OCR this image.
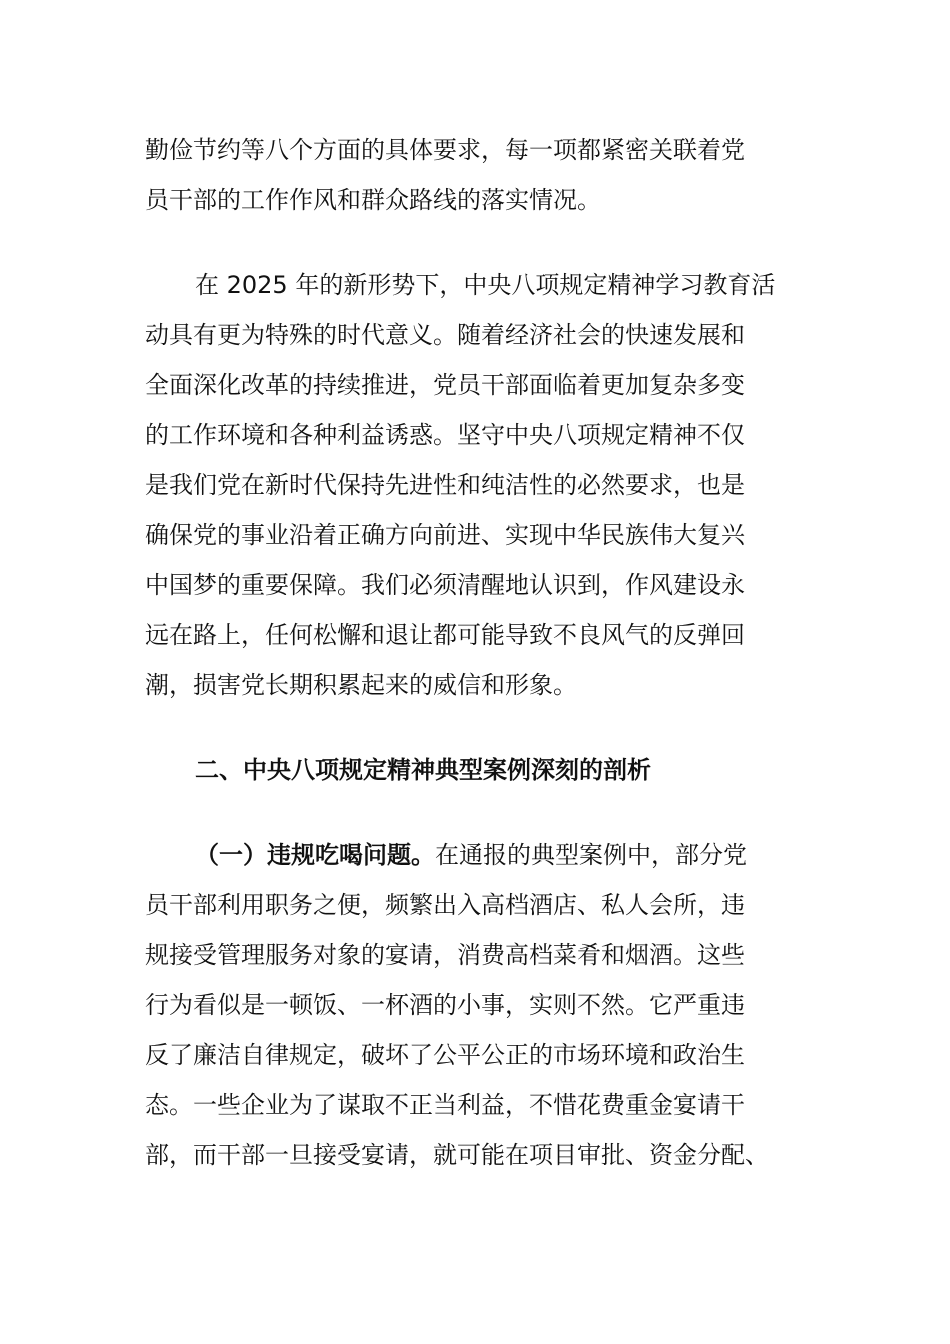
勤俭节约等八个方面的具体要求，每一项都紧密关联着党
员干部的工作作风和群众路线的落实情况。
在 2025 年的新形势下，中央八项规定精神学习教育活
动具有更为特殊的时代意义。随着经济社会的快速发展和
全面深化改革的持续推进，党员干部面临着更加复杂多变
的工作环境和各种利益诱惑。坚守中央八项规定精神不仅
是我们党在新时代保持先进性和纯洁性的必然要求，也是
确保党的事业沿着正确方向前进、实现中华民族伟大复兴
中国梦的重要保障。我们必须清醒地认识到，作风建设永
远在路上，任何松懈和退让都可能导致不良风气的反弹回
潮，损害党长期积累起来的威信和形象。
二、中央八项规定精神典型案例深刻的剖析
（一）违规吃喝问题。在通报的典型案例中，部分党
员干部利用职务之便，频繁出入高档酒店、私人会所，违
规接受管理服务对象的宴请，消费高档菜肴和烟酒。这些
行为看似是一顿饭、一杯酒的小事，实则不然。它严重违
反了廉洁自律规定，破坏了公平公正的市场环境和政治生
态。一些企业为了谋取不正当利益，不惜花费重金宴请干
部，而干部一旦接受宴请，就可能在项目审批、资金分配、
